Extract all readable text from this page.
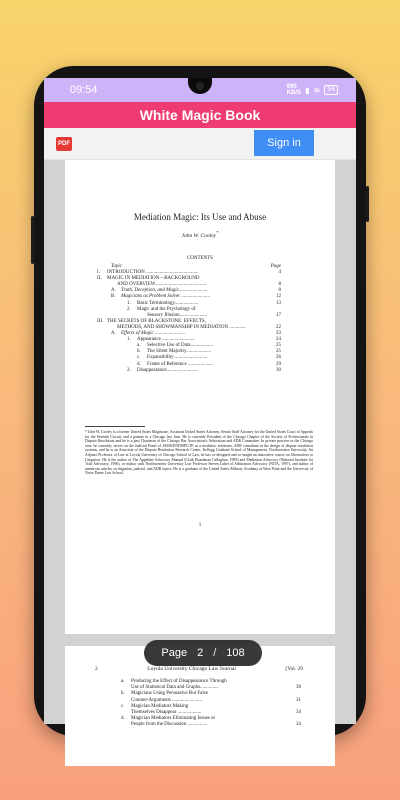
09:54	995
KB/S ▮ ≋	54
White Magic Book
PDF	Sign in
Mediation Magic: Its Use and Abuse
John W. Cooley*
CONTENTS
Topic	Page
I.	INTRODUCTION ..........................................	4
II.	MAGIC IN MEDIATION—BACKGROUND
AND OVERVIEW.........................................	8
A.	Truth, Deception, and Magic.......................	8
B.	Magicians as Problem Solver .......................	12
1.	Basic Terminology...................	13
2.	Magic and the Psychology of
Sensory Illusion......................	17
III. THE SECRETS OF BLACKSTONE: EFFECTS,
METHODS, AND SHOWMANSHIP IN MEDIATION .............	22
A.	Effects of Magic ........................	23
1.	Appearance ..........................	24
a.	Selective Use of Data..................	25
b.	The Silent Majority....................	25
c.	Expansibility ..........................	26
d.	Frame of Reference ....................	29
2.	Disappearance.........................	30
* John W. Cooley is a former United States Magistrate, Assistant United States Attorney, Senior Staff Attorney for the United States Court of Appeals for the Seventh Circuit, and a partner in a Chicago law firm. He is currently President of the Chicago Chapter of the Society of Professionals in Dispute Resolution and he is a past Chairman of the Chicago Bar Association's Arbitration and ADR Committee. In private practice in the Chicago area, he currently serves on the Judicial Panel of JAMS/ENDISPUTE as a mediator, arbitrator, ADR consultant in the design of dispute resolution systems, and he is an Associate of the Dispute Resolution Research Center, Kellogg Graduate School of Management, Northwestern University. An Adjunct Professor of Law at Loyola University of Chicago School of Law, he has co-designed and co-taught an innovative course on Alternatives to Litigation. He is the author of The Appellate Advocacy Manual (Clark Boardman Callaghan, 1989) and Mediation Advocacy (National Institute for Trial Advocacy, 1996), co-author with Northwestern University Law Professor Steven Lubet of Arbitration Advocacy (NITA, 1997), and author of numerous articles on litigation, judicial, and ADR topics. He is a graduate of the United States Military Academy at West Point and the University of Notre Dame Law School.
1
2	Loyola University Chicago Law Journal	[Vol. 29
a.	Producing the Effect of Disappearance Through
Use of Statistical Data and Graphs...............	30
b.	Magicians Using Persuasive But False
Counter-Arguments ........................	31
c.	Magician Mediators Making
Themselves Disappear ...................	34
d.	Magician Mediators Eliminating Issues or
People from the Discussion ................	34
Page 2 / 108
